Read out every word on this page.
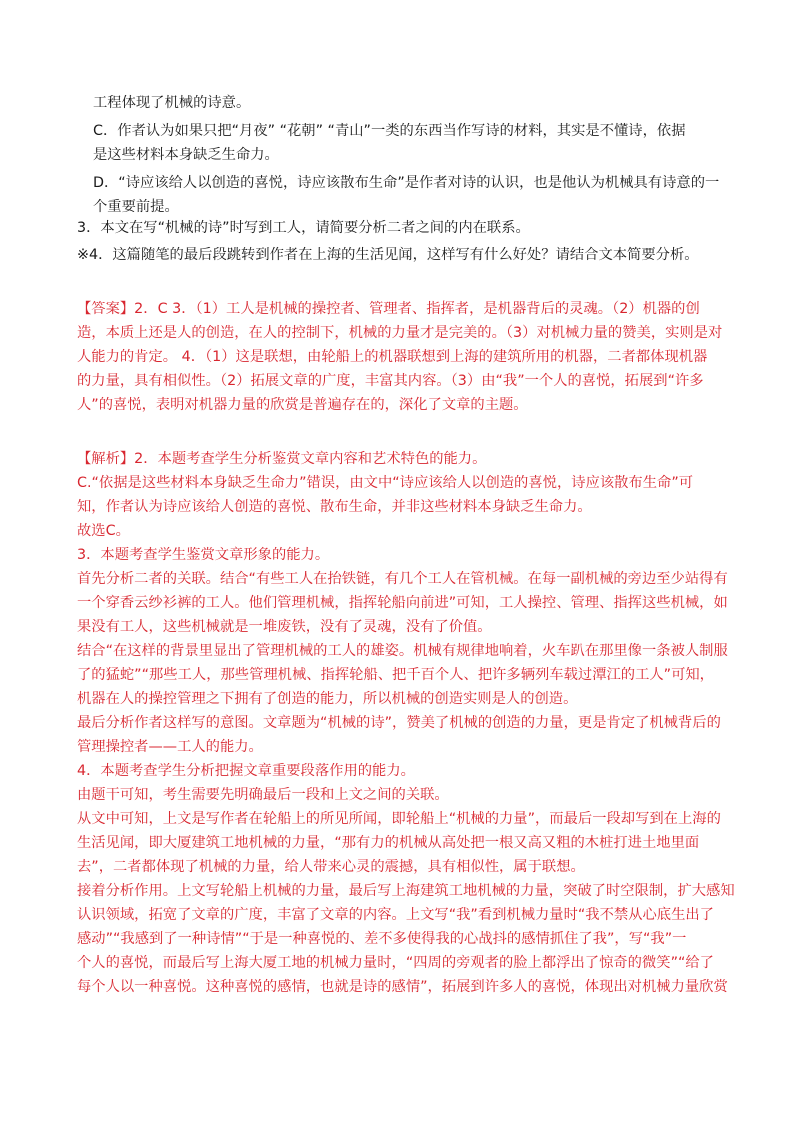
工程体现了机械的诗意。
C．作者认为如果只把“月夜” “花朝” “青山”一类的东西当作写诗的材料，其实是不懂诗，依据
是这些材料本身缺乏生命力。
D．“诗应该给人以创造的喜悦，诗应该散布生命”是作者对诗的认识，也是他认为机械具有诗意的一
个重要前提。
3．本文在写“机械的诗”时写到工人，请简要分析二者之间的内在联系。
※4．这篇随笔的最后段跳转到作者在上海的生活见闻，这样写有什么好处？请结合文本简要分析。
【答案】2．C 3．（1）工人是机械的操控者、管理者、指挥者，是机器背后的灵魂。（2）机器的创
造，本质上还是人的创造，在人的控制下，机械的力量才是完美的。（3）对机械力量的赞美，实则是对
人能力的肯定。 4．（1）这是联想，由轮船上的机器联想到上海的建筑所用的机器，二者都体现机器
的力量，具有相似性。（2）拓展文章的广度，丰富其内容。（3）由“我”一个人的喜悦，拓展到“许多
人”的喜悦，表明对机器力量的欣赏是普遍存在的，深化了文章的主题。
【解析】2．本题考查学生分析鉴赏文章内容和艺术特色的能力。
C.“依据是这些材料本身缺乏生命力”错误，由文中“诗应该给人以创造的喜悦，诗应该散布生命”可
知，作者认为诗应该给人创造的喜悦、散布生命，并非这些材料本身缺乏生命力。
故选C。
3．本题考查学生鉴赏文章形象的能力。
首先分析二者的关联。结合“有些工人在抬铁链，有几个工人在管机械。在每一副机械的旁边至少站得有
一个穿香云纱衫裤的工人。他们管理机械，指挥轮船向前进”可知，工人操控、管理、指挥这些机械，如
果没有工人，这些机械就是一堆废铁，没有了灵魂，没有了价值。
结合“在这样的背景里显出了管理机械的工人的雄姿。机械有规律地响着，火车趴在那里像一条被人制服
了的猛蛇”“那些工人，那些管理机械、指挥轮船、把千百个人、把许多辆列车载过潭江的工人”可知，
机器在人的操控管理之下拥有了创造的能力，所以机械的创造实则是人的创造。
最后分析作者这样写的意图。文章题为“机械的诗”，赞美了机械的创造的力量，更是肯定了机械背后的
管理操控者——工人的能力。
4．本题考查学生分析把握文章重要段落作用的能力。
由题干可知，考生需要先明确最后一段和上文之间的关联。
从文中可知，上文是写作者在轮船上的所见所闻，即轮船上“机械的力量”，而最后一段却写到在上海的
生活见闻，即大厦建筑工地机械的力量，“那有力的机械从高处把一根又高又粗的木桩打进土地里面
去”，二者都体现了机械的力量，给人带来心灵的震撼，具有相似性，属于联想。
接着分析作用。上文写轮船上机械的力量，最后写上海建筑工地机械的力量，突破了时空限制，扩大感知
认识领域，拓宽了文章的广度，丰富了文章的内容。上文写“我”看到机械力量时“我不禁从心底生出了
感动”“我感到了一种诗情”“于是一种喜悦的、差不多使得我的心战抖的感情抓住了我”，写“我”一
个人的喜悦，而最后写上海大厦工地的机械力量时，“四周的旁观者的脸上都浮出了惊奇的微笑”“给了
每个人以一种喜悦。这种喜悦的感情，也就是诗的感情”，拓展到许多人的喜悦，体现出对机械力量欣赏
